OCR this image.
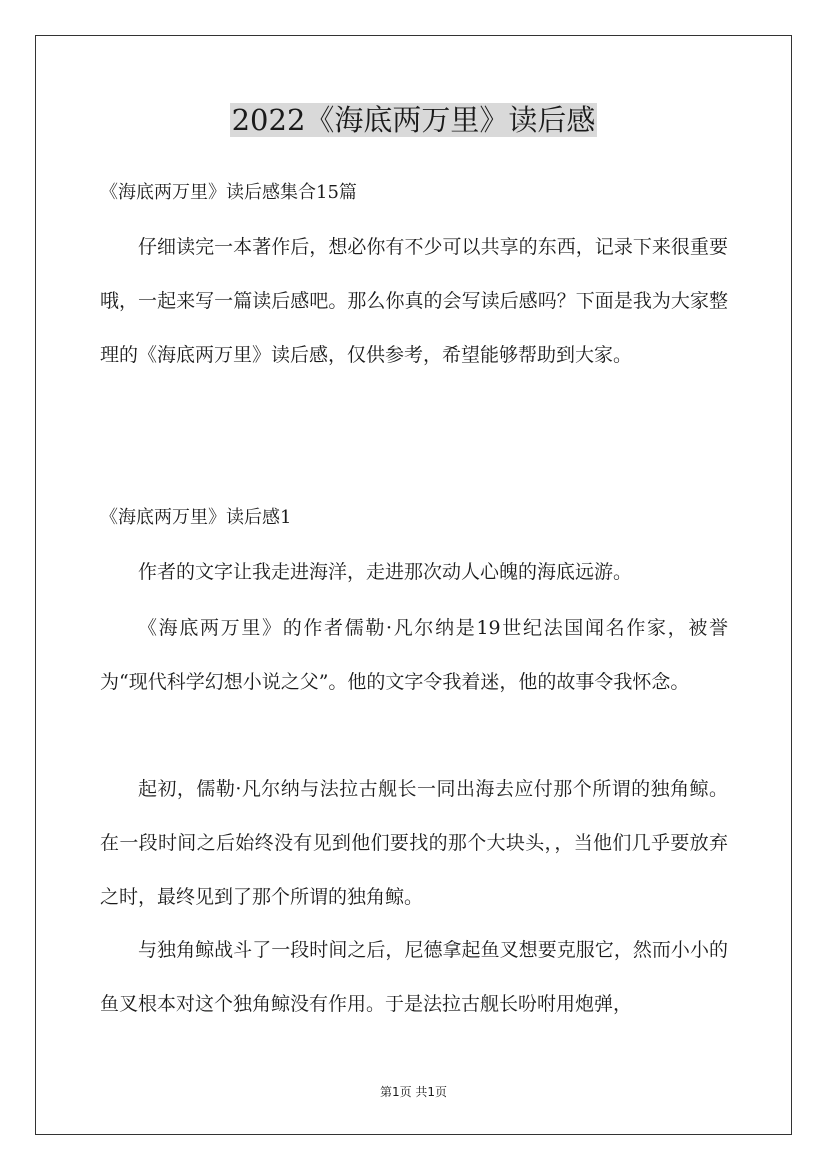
2022《海底两万里》读后感
《海底两万里》读后感集合15篇

仔细读完一本著作后，想必你有不少可以共享的东西，记录下来很重要哦，一起来写一篇读后感吧。那么你真的会写读后感吗？下面是我为大家整理的《海底两万里》读后感，仅供参考，希望能够帮助到大家。

《海底两万里》读后感1

作者的文字让我走进海洋，走进那次动人心魄的海底远游。

《海底两万里》的作者儒勒·凡尔纳是19世纪法国闻名作家，被誉为“现代科学幻想小说之父”。他的文字令我着迷，他的故事令我怀念。

起初，儒勒·凡尔纳与法拉古舰长一同出海去应付那个所谓的独角鲸。在一段时间之后始终没有见到他们要找的那个大块头，，当他们几乎要放弃之时，最终见到了那个所谓的独角鲸。

与独角鲸战斗了一段时间之后，尼德拿起鱼叉想要克服它，然而小小的鱼叉根本对这个独角鲸没有作用。于是法拉古舰长吩咐用炮弹，

第1页 共1页
